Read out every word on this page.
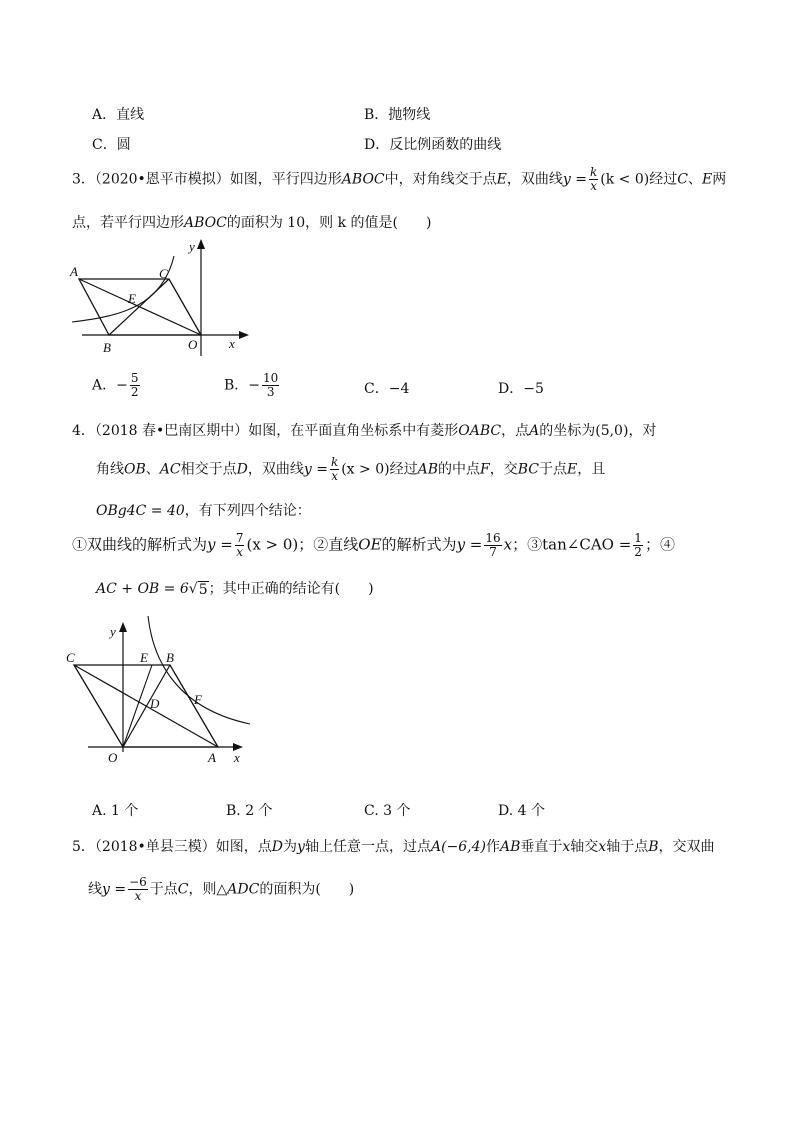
A．直线	B．抛物线
C．圆	D．反比例函数的曲线
3．（2020•恩平市模拟）如图，平行四边形ABOC中，对角线交于点E，双曲线$y = \frac{k}{x} (k < 0)$经过C、E两
点，若平行四边形ABOC的面积为 10，则 k 的值是(　　)
A	C
E
B	O x
y
A．− $\frac{5}{2}$	B．− $\frac{10}{3}$	C．−4	D．−5
4．（2018 春•巴南区期中）如图，在平面直角坐标系中有菱形OABC，点A的坐标为(5,0)，对
角线OB、AC相交于点D，双曲线$y = \frac{k}{x} (x > 0)$经过AB的中点F，交BC于点E，且
OBg4C = 40，有下列四个结论：
①双曲线的解析式为$y = \frac{7}{x} (x > 0)$；②直线OE的解析式为$y = \frac{16}{7}$ x；③tan∠CAO = $\frac{1}{2}$ ；④
AC + OB = 6√ 5 ；其中正确的结论有(　　)
y
C	E B
D	F
O	A x
A. 1 个	B. 2 个	C. 3 个	D. 4 个
5．（2018•单县三模）如图，点D为y轴上任意一点，过点A(−6,4)作AB垂直于x轴交x轴于点B，交双曲
线$y = \frac{-6}{x}$ 于点C，则△ADC的面积为(　　)
